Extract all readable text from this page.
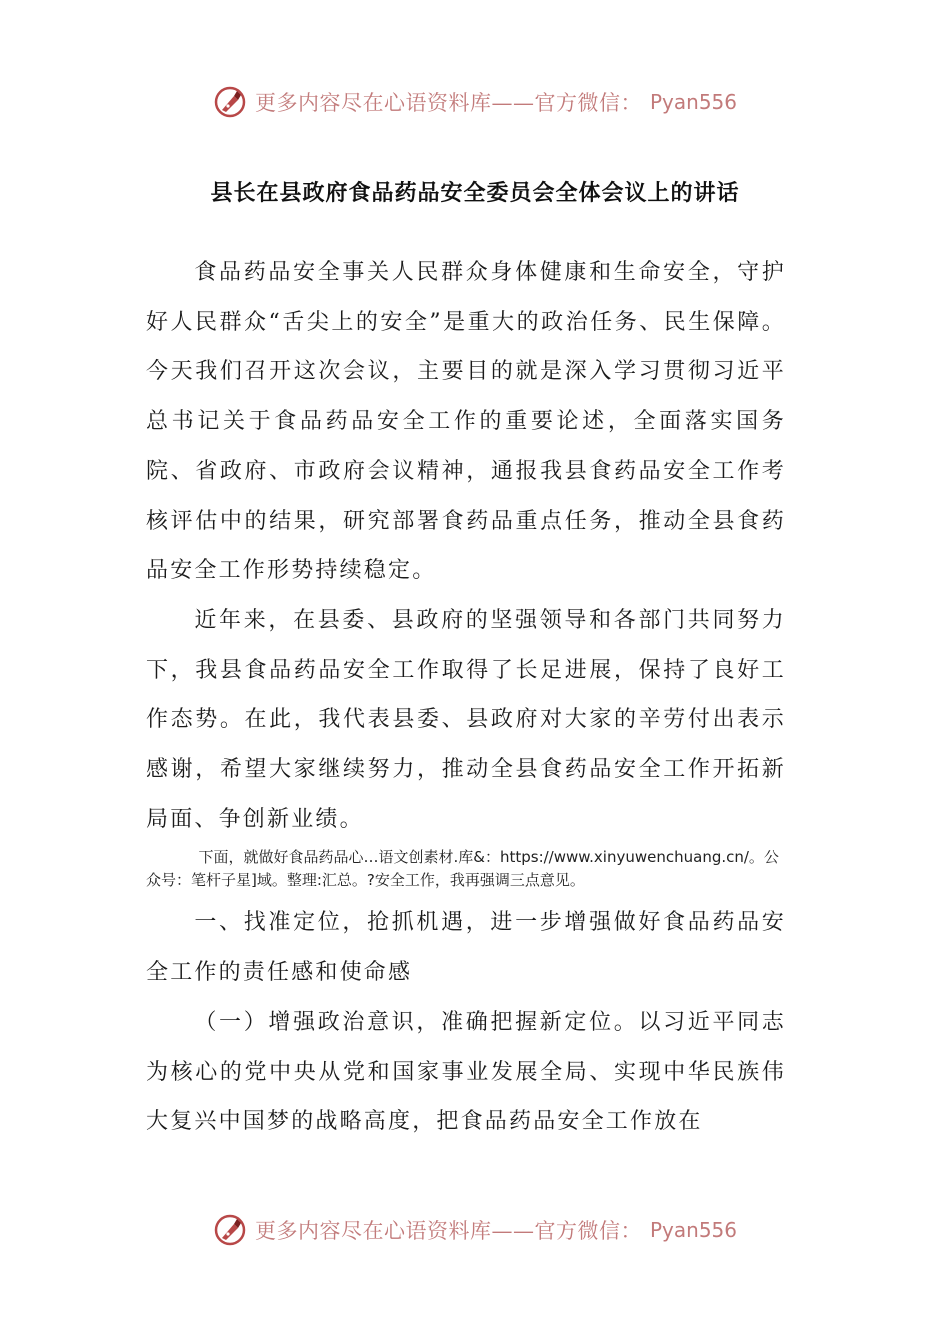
更多内容尽在心语资料库——官方微信： Pyan556
县长在县政府食品药品安全委员会全体会议上的讲话

食品药品安全事关人民群众身体健康和生命安全，守护好人民群众“舌尖上的安全”是重大的政治任务、民生保障。今天我们召开这次会议，主要目的就是深入学习贯彻习近平总书记关于食品药品安全工作的重要论述，全面落实国务院、省政府、市政府会议精神，通报我县食药品安全工作考核评估中的结果，研究部署食药品重点任务，推动全县食药品安全工作形势持续稳定。

近年来，在县委、县政府的坚强领导和各部门共同努力下，我县食品药品安全工作取得了长足进展，保持了良好工作态势。在此，我代表县委、县政府对大家的辛劳付出表示感谢，希望大家继续努力，推动全县食药品安全工作开拓新局面、争创新业绩。

下面，就做好食品药品心…语文创素材.库&：https://www.xinyuwenchuang.cn/。公众号：笔杆子星]域。整理:汇总。?安全工作，我再强调三点意见。

一、找准定位，抢抓机遇，进一步增强做好食品药品安全工作的责任感和使命感

（一）增强政治意识，准确把握新定位。以习近平同志为核心的党中央从党和国家事业发展全局、实现中华民族伟大复兴中国梦的战略高度，把食品药品安全工作放在

更多内容尽在心语资料库——官方微信： Pyan556
